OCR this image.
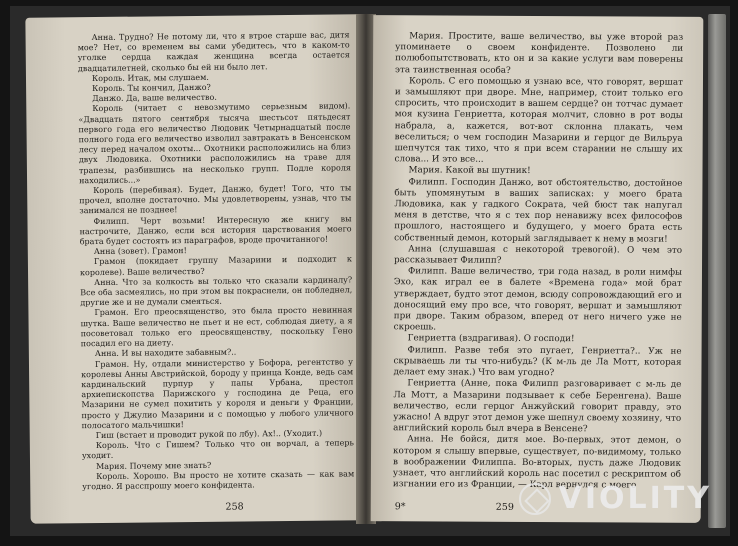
Анна. Трудно? Не потому ли, что я втрое старше вас, дитя мое? Нет, со временем вы сами убедитесь, что в каком-то уголке сердца каждая женщина всегда остается двадцатилетней, сколько бы ей ни было лет.

Король. Итак, мы слушаем.

Король. Ты кончил, Данжо?

Данжо. Да, ваше величество.

Король (читает с невозмутимо серьезным видом). «Двадцать пятого сентября тысяча шестьсот пятьдесят первого года его величество Людовик Четырнадцатый после полного года его величество изволил завтракать в Венсенском лесу перед началом охоты... Охотники расположились на близ двух Людовика. Охотники расположились на траве для трапезы, разбившись на несколько групп. Подле короля находились...»

Король (перебивая). Будет, Данжо, будет! Того, что ты прочел, вполне достаточно. Мы удовлетворены, узнав, что ты занимался не позднее!

Филипп. Черт возьми! Интересную же книгу вы настрочите, Данжо, если вся история царствования моего брата будет состоять из параграфов, вроде прочитанного!

Анна (зовет). Грамон!

Грамон (покидает группу Мазарини и подходит к королеве). Ваше величество?

Анна. Что за колкость вы только что сказали кардиналу? Все оба засмеялись, но при этом вы покраснели, он побледнел, другие же и не думали смеяться.

Грамон. Его преосвященство, это была просто невинная шутка. Ваше величество не пьет и не ест, соблюдая диету, а я посоветовал только его преосвященству, поскольку Гено посадил его на диету.

Анна. И вы находите забавным?..

Грамон. Ну, отдали министерство у Бофора, регентство у королевы Анны Австрийской, бороду у принца Конде, ведь сам кардинальский пурпур у папы Урбана, престол архиепископства Парижского у господина де Реца, его Мазарини не сумел похитить у короля и деньги у Франции, просто у Джулио Мазарини и с помощью у любого уличного полосатого мальчишки!

Гиш (встает и проводит рукой по лбу). Ах!.. (Уходит.)

Король. Что с Гишем? Только что он ворчал, а теперь уходит.

Мария. Почему мне знать?

Король. Хорошо. Вы просто не хотите сказать — как вам угодно. Я расспрошу моего конфидента.

258

Мария. Простите, ваше величество, вы уже второй раз упоминаете о своем конфиденте. Позволено ли полюбопытствовать, кто он и за какие услуги вам поверены эта таинственная особа?

Король. С его помощью я узнаю все, что говорят, вершат и замышляют при дворе. Мне, например, стоит только его спросить, что происходит в вашем сердце? он тотчас думает моя кузина Генриетта, которая молчит, словно в рот воды набрала, а, кажется, вот-вот склонна плакать, чем веселиться; о чем господин Мазарини и герцог де Вильруа шепчутся так тихо, что я при всем старании не слышу их слова... И это все...

Мария. Какой вы шутник!

Филипп. Господин Данжо, вот обстоятельство, достойное быть упомянутым в ваших записках: у моего брата Людовика, как у гадкого Сократа, чей бюст так напугал меня в детстве, что я с тех пор ненавижу всех философов прошлого, настоящего и будущего, у моего брата есть собственный демон, который заглядывает к нему в мозги!

Анна (слушавшая с некоторой тревогой). О чем это рассказывает Филипп?

Филипп. Ваше величество, три года назад, в роли нимфы Эхо, как играл ее в балете «Времена года» мой брат утверждает, будто этот демон, всюду сопровождающий его и доносящий ему про все, что говорят, вершат и замышляют при дворе. Таким образом, вперед от него ничего уже не скроешь.

Генриетта (вздрагивая). О господи!

Филипп. Разве тебя это пугает, Генриетта?.. Уж не скрываешь ли ты что-нибудь? (К м-ль де Ла Мотт, которая делает ему знак.) Что вам угодно?

Генриетта (Анне, пока Филипп разговаривает с м-ль де Ла Мотт, а Мазарини подзывает к себе Беренгена). Ваше величество, если герцог Анжуйский говорит правду, это ужасно! А вдруг этот демон уже шепнул своему хозяину, что английский король был вчера в Венсене?

Анна. Не бойся, дитя мое. Во-первых, этот демон, о котором я слышу впервые, существует, по-видимому, только в воображении Филиппа. Во-вторых, пусть даже Людовик узнает, что английский король нас посетил с рескриптом об изгнании его из Франции, — Карл вернулся с моего

9*	259 VIOLITY
